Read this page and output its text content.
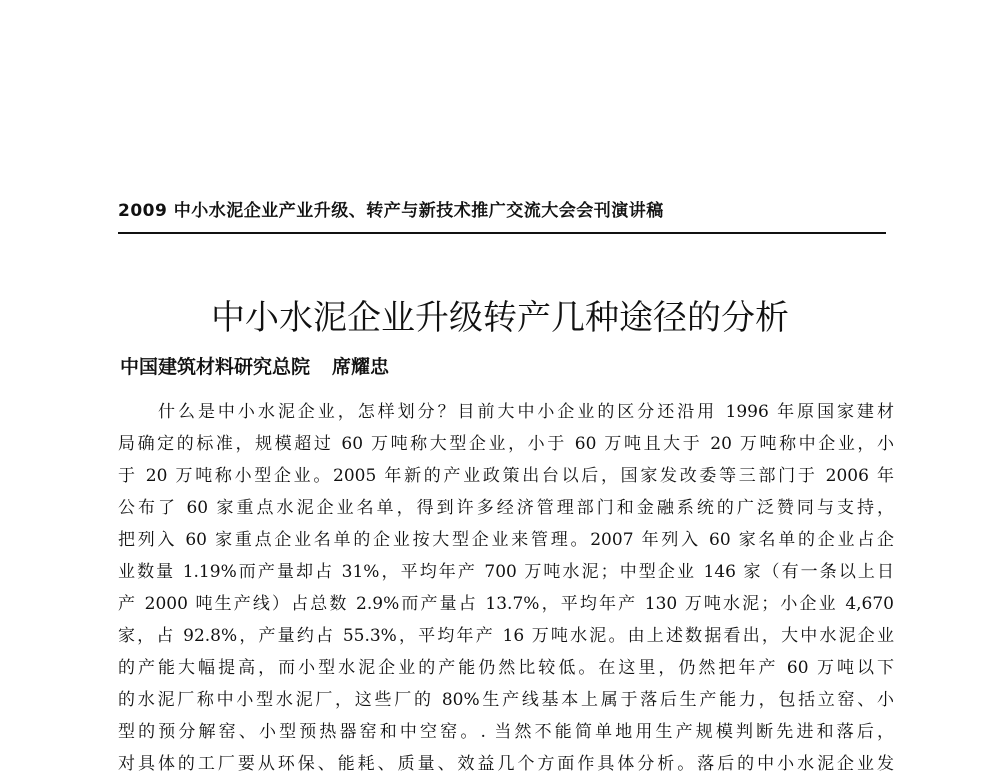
2009 中小水泥企业产业升级、转产与新技术推广交流大会会刊演讲稿
中小水泥企业升级转产几种途径的分析
中国建筑材料研究总院 席耀忠
什么是中小水泥企业，怎样划分？目前大中小企业的区分还沿用 1996 年原国家建材
局确定的标准，规模超过 60 万吨称大型企业，小于 60 万吨且大于 20 万吨称中企业，小
于 20 万吨称小型企业。2005 年新的产业政策出台以后，国家发改委等三部门于 2006 年
公布了 60 家重点水泥企业名单，得到许多经济管理部门和金融系统的广泛赞同与支持，
把列入 60 家重点企业名单的企业按大型企业来管理。2007 年列入 60 家名单的企业占企
业数量 1.19%而产量却占 31%，平均年产 700 万吨水泥；中型企业 146 家（有一条以上日
产 2000 吨生产线）占总数 2.9%而产量占 13.7%，平均年产 130 万吨水泥；小企业 4,670
家，占 92.8%，产量约占 55.3%，平均年产 16 万吨水泥。由上述数据看出，大中水泥企业
的产能大幅提高，而小型水泥企业的产能仍然比较低。在这里，仍然把年产 60 万吨以下
的水泥厂称中小型水泥厂，这些厂的 80%生产线基本上属于落后生产能力，包括立窑、小
型的预分解窑、小型预热器窑和中空窑。. 当然不能简单地用生产规模判断先进和落后，
对具体的工厂要从环保、能耗、质量、效益几个方面作具体分析。落后的中小水泥企业发
